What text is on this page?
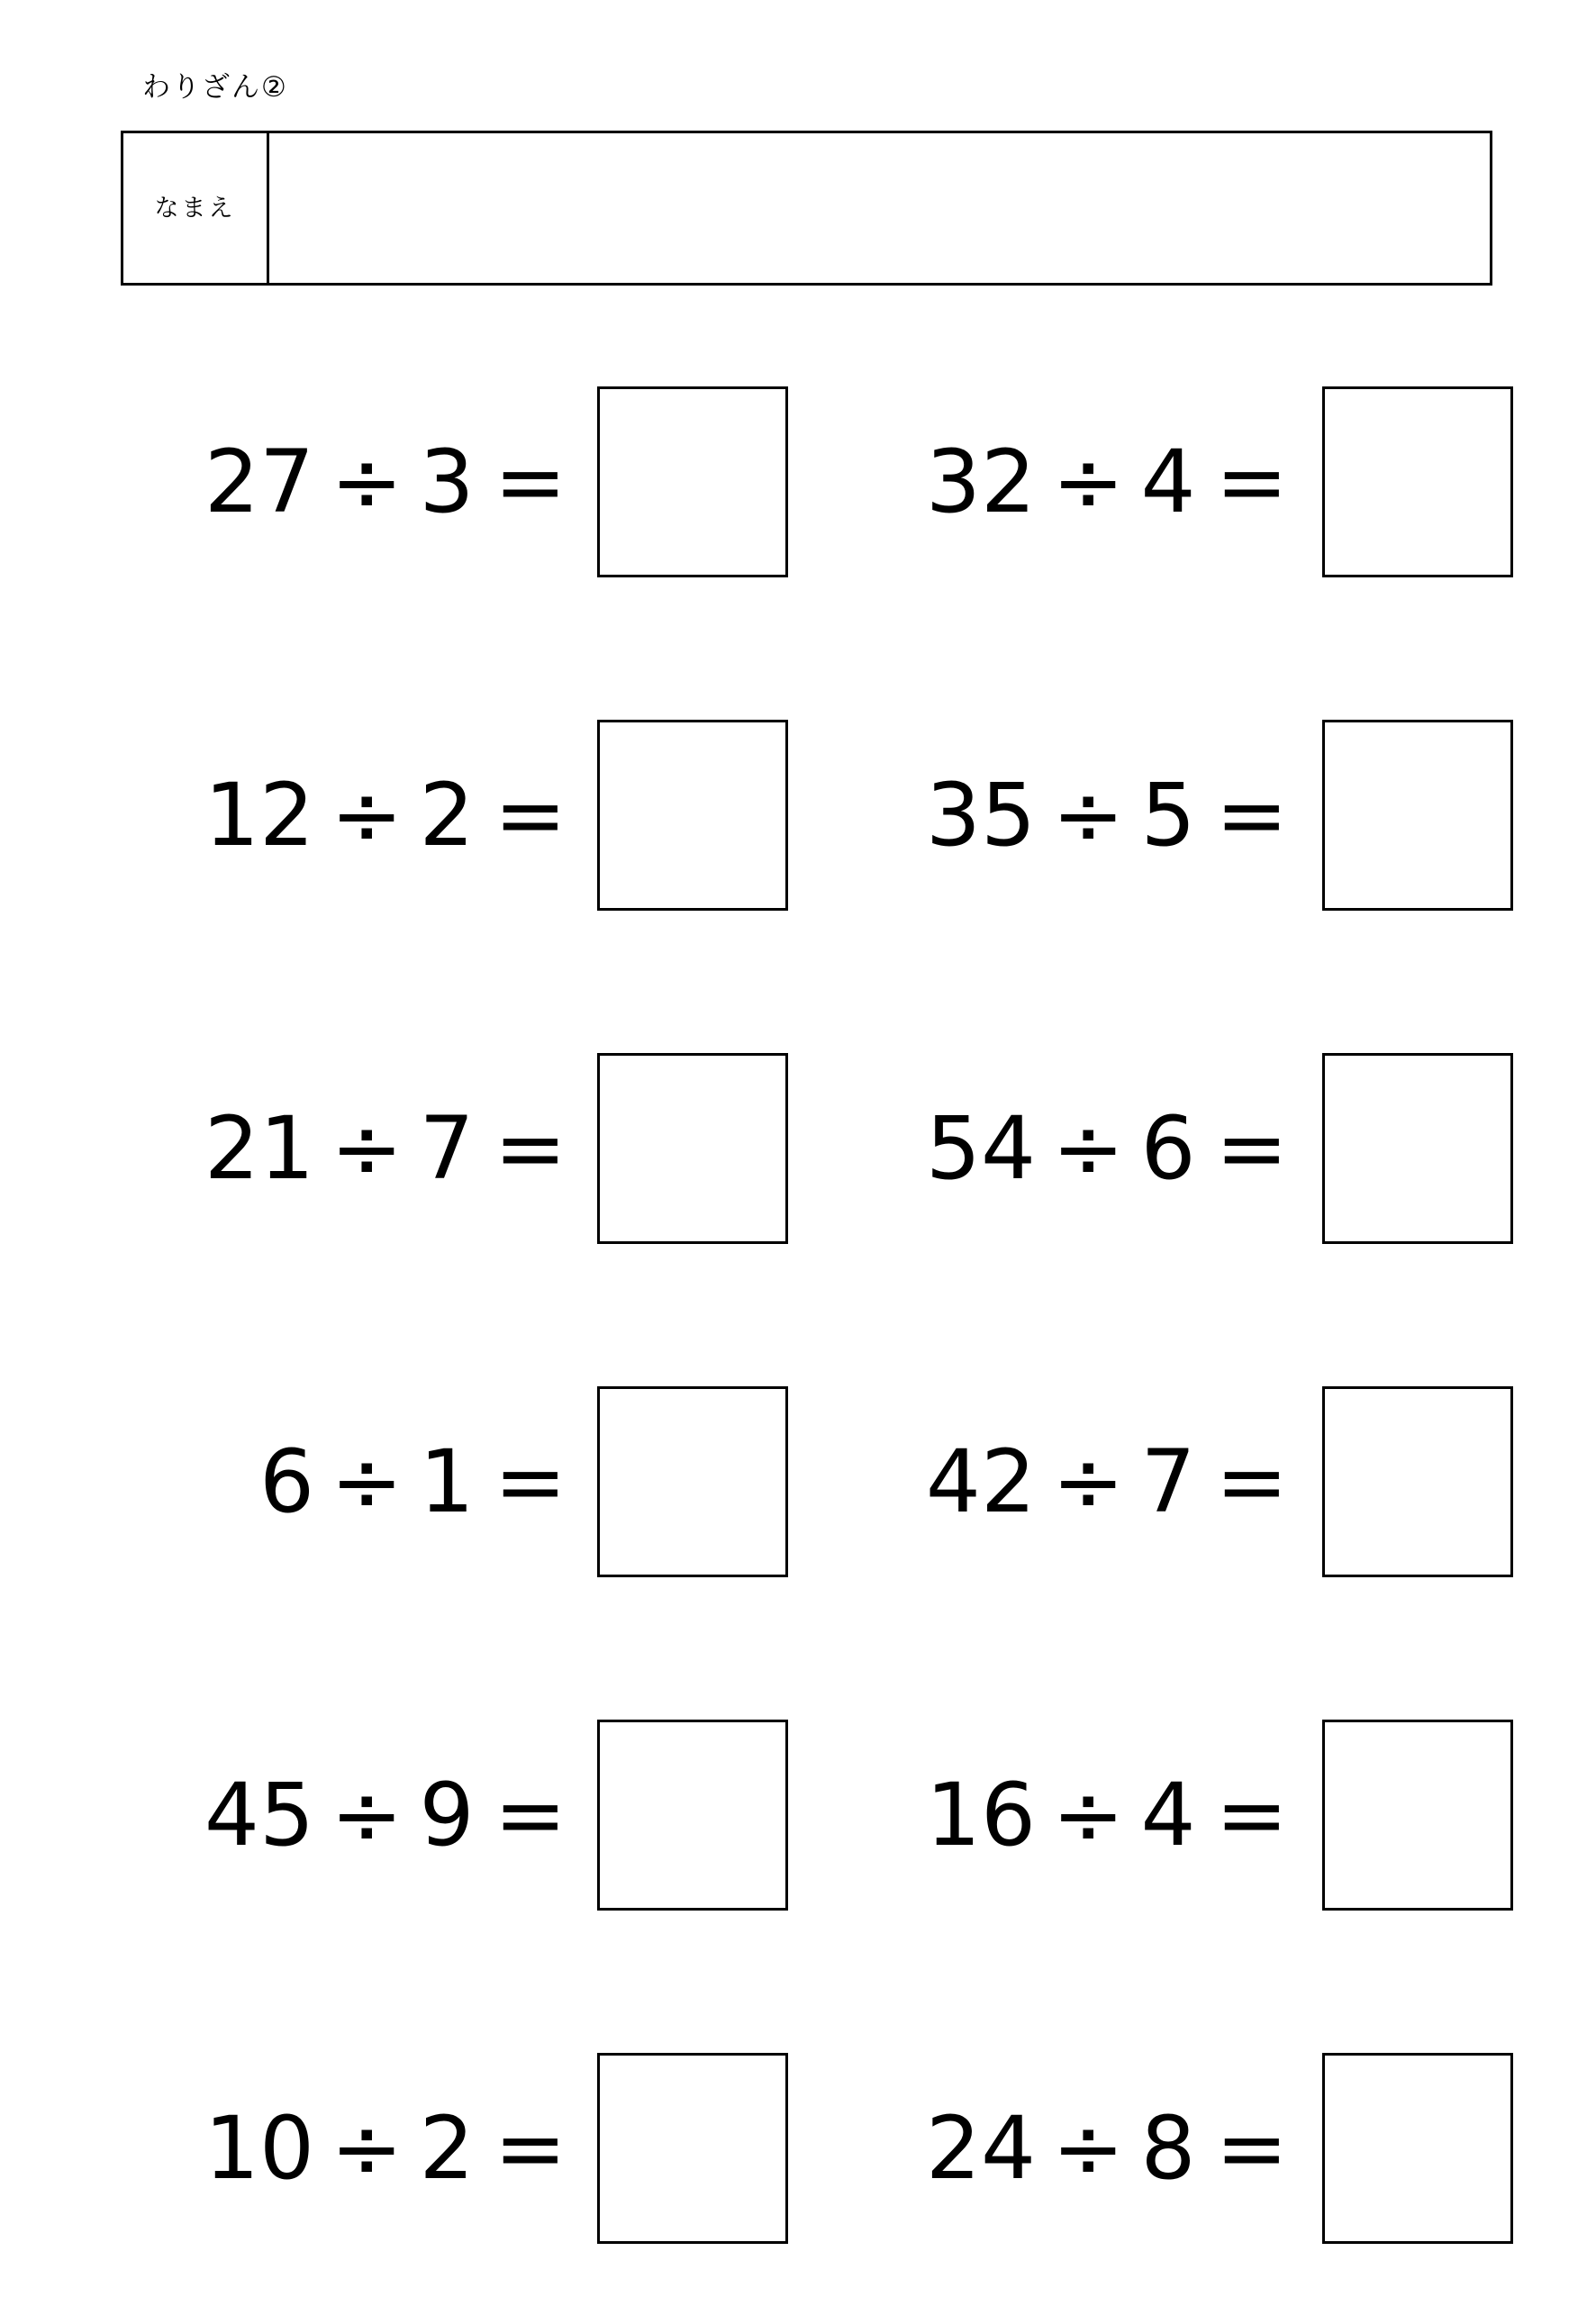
わりざん②
なまえ
27 ÷ 3 =	32 ÷ 4 =
12 ÷ 2 =	35 ÷ 5 =
21 ÷ 7 =	54 ÷ 6 =
6 ÷ 1 =	42 ÷ 7 =
45 ÷ 9 =	16 ÷ 4 =
10 ÷ 2 =	24 ÷ 8 =
